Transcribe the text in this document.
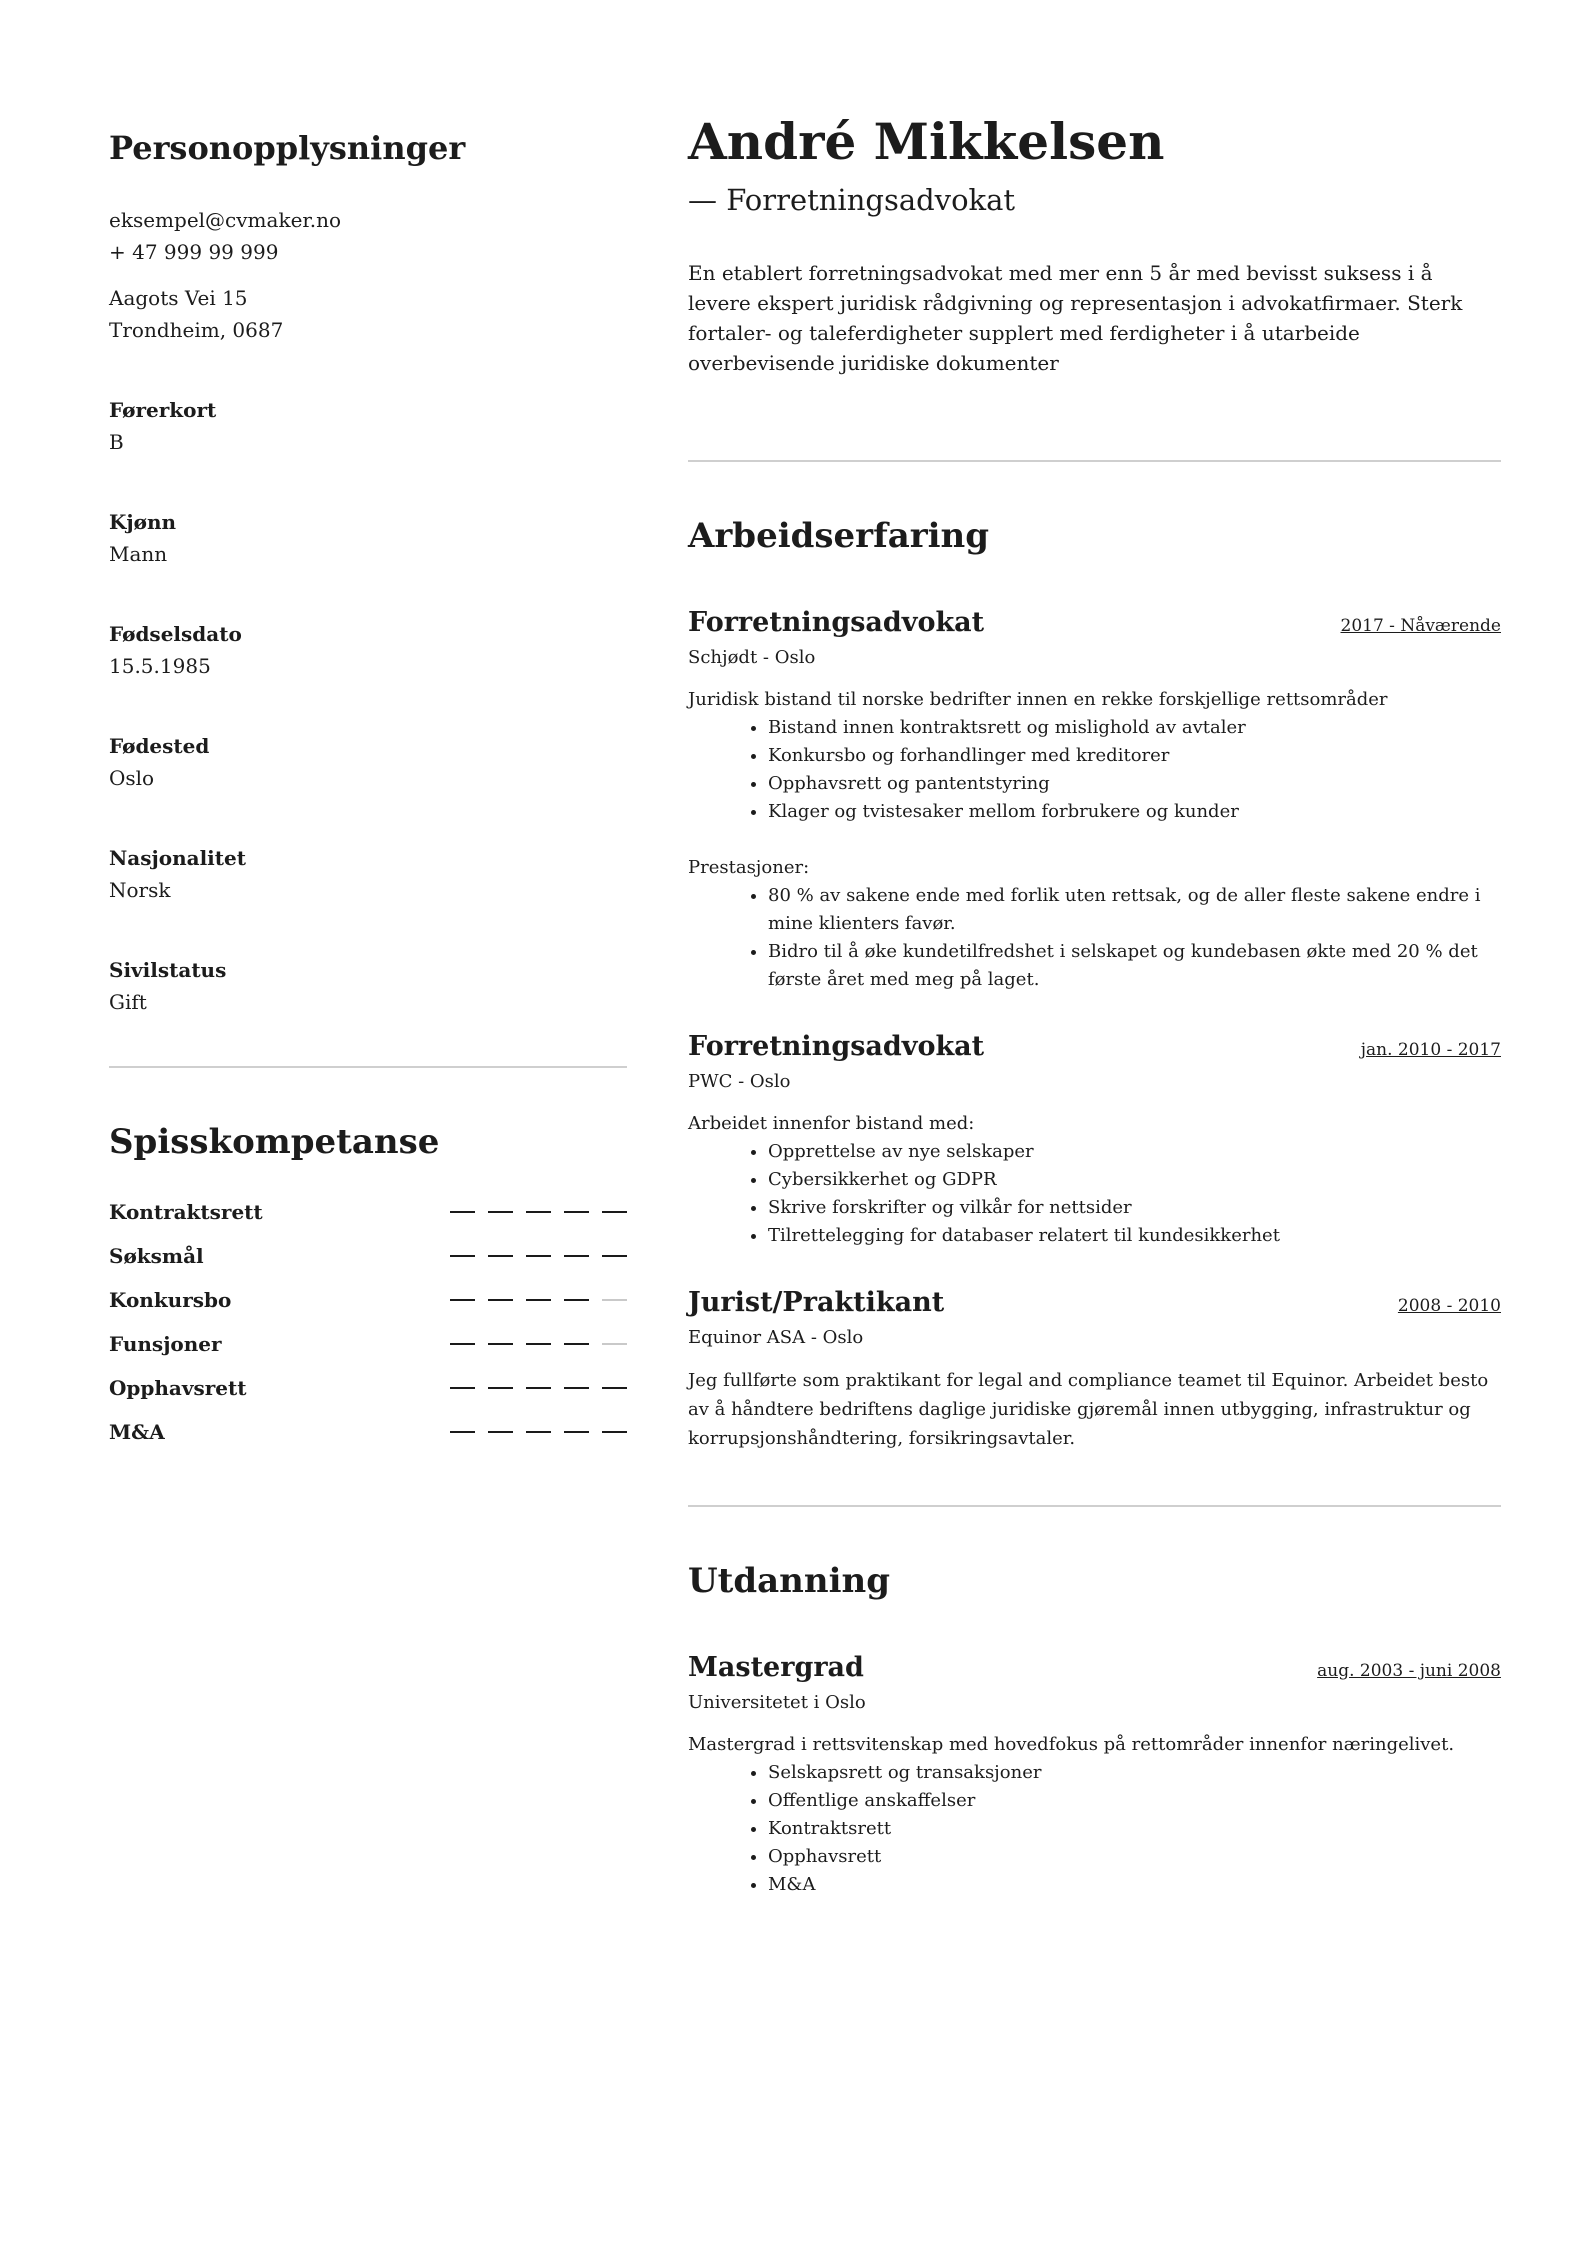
Personopplysninger
eksempel@cvmaker.no
+ 47 999 99 999
Aagots Vei 15
Trondheim, 0687
Førerkort
B
Kjønn
Mann
Fødselsdato
15.5.1985
Fødested
Oslo
Nasjonalitet
Norsk
Sivilstatus
Gift
Spisskompetanse
Kontraktsrett
Søksmål
Konkursbo
Funsjoner
Opphavsrett
M&A
André Mikkelsen
— Forretningsadvokat
En etablert forretningsadvokat med mer enn 5 år med bevisst suksess i å levere ekspert juridisk rådgivning og representasjon i advokatfirmaer. Sterk fortaler- og taleferdigheter supplert med ferdigheter i å utarbeide overbevisende juridiske dokumenter
Arbeidserfaring
Forretningsadvokat	2017 - Nåværende
Schjødt - Oslo
Juridisk bistand til norske bedrifter innen en rekke forskjellige rettsområder
• Bistand innen kontraktsrett og mislighold av avtaler
• Konkursbo og forhandlinger med kreditorer
• Opphavsrett og pantentstyring
• Klager og tvistesaker mellom forbrukere og kunder
Prestasjoner:
• 80 % av sakene ende med forlik uten rettsak, og de aller fleste sakene endre i mine klienters favør.
• Bidro til å øke kundetilfredshet i selskapet og kundebasen økte med 20 % det første året med meg på laget.
Forretningsadvokat	jan. 2010 - 2017
PWC - Oslo
Arbeidet innenfor bistand med:
• Opprettelse av nye selskaper
• Cybersikkerhet og GDPR
• Skrive forskrifter og vilkår for nettsider
• Tilrettelegging for databaser relatert til kundesikkerhet
Jurist/Praktikant	2008 - 2010
Equinor ASA - Oslo
Jeg fullførte som praktikant for legal and compliance teamet til Equinor. Arbeidet besto av å håndtere bedriftens daglige juridiske gjøremål innen utbygging, infrastruktur og korrupsjonshåndtering, forsikringsavtaler.
Utdanning
Mastergrad	aug. 2003 - juni 2008
Universitetet i Oslo
Mastergrad i rettsvitenskap med hovedfokus på rettområder innenfor næringelivet.
• Selskapsrett og transaksjoner
• Offentlige anskaffelser
• Kontraktsrett
• Opphavsrett
• M&A
